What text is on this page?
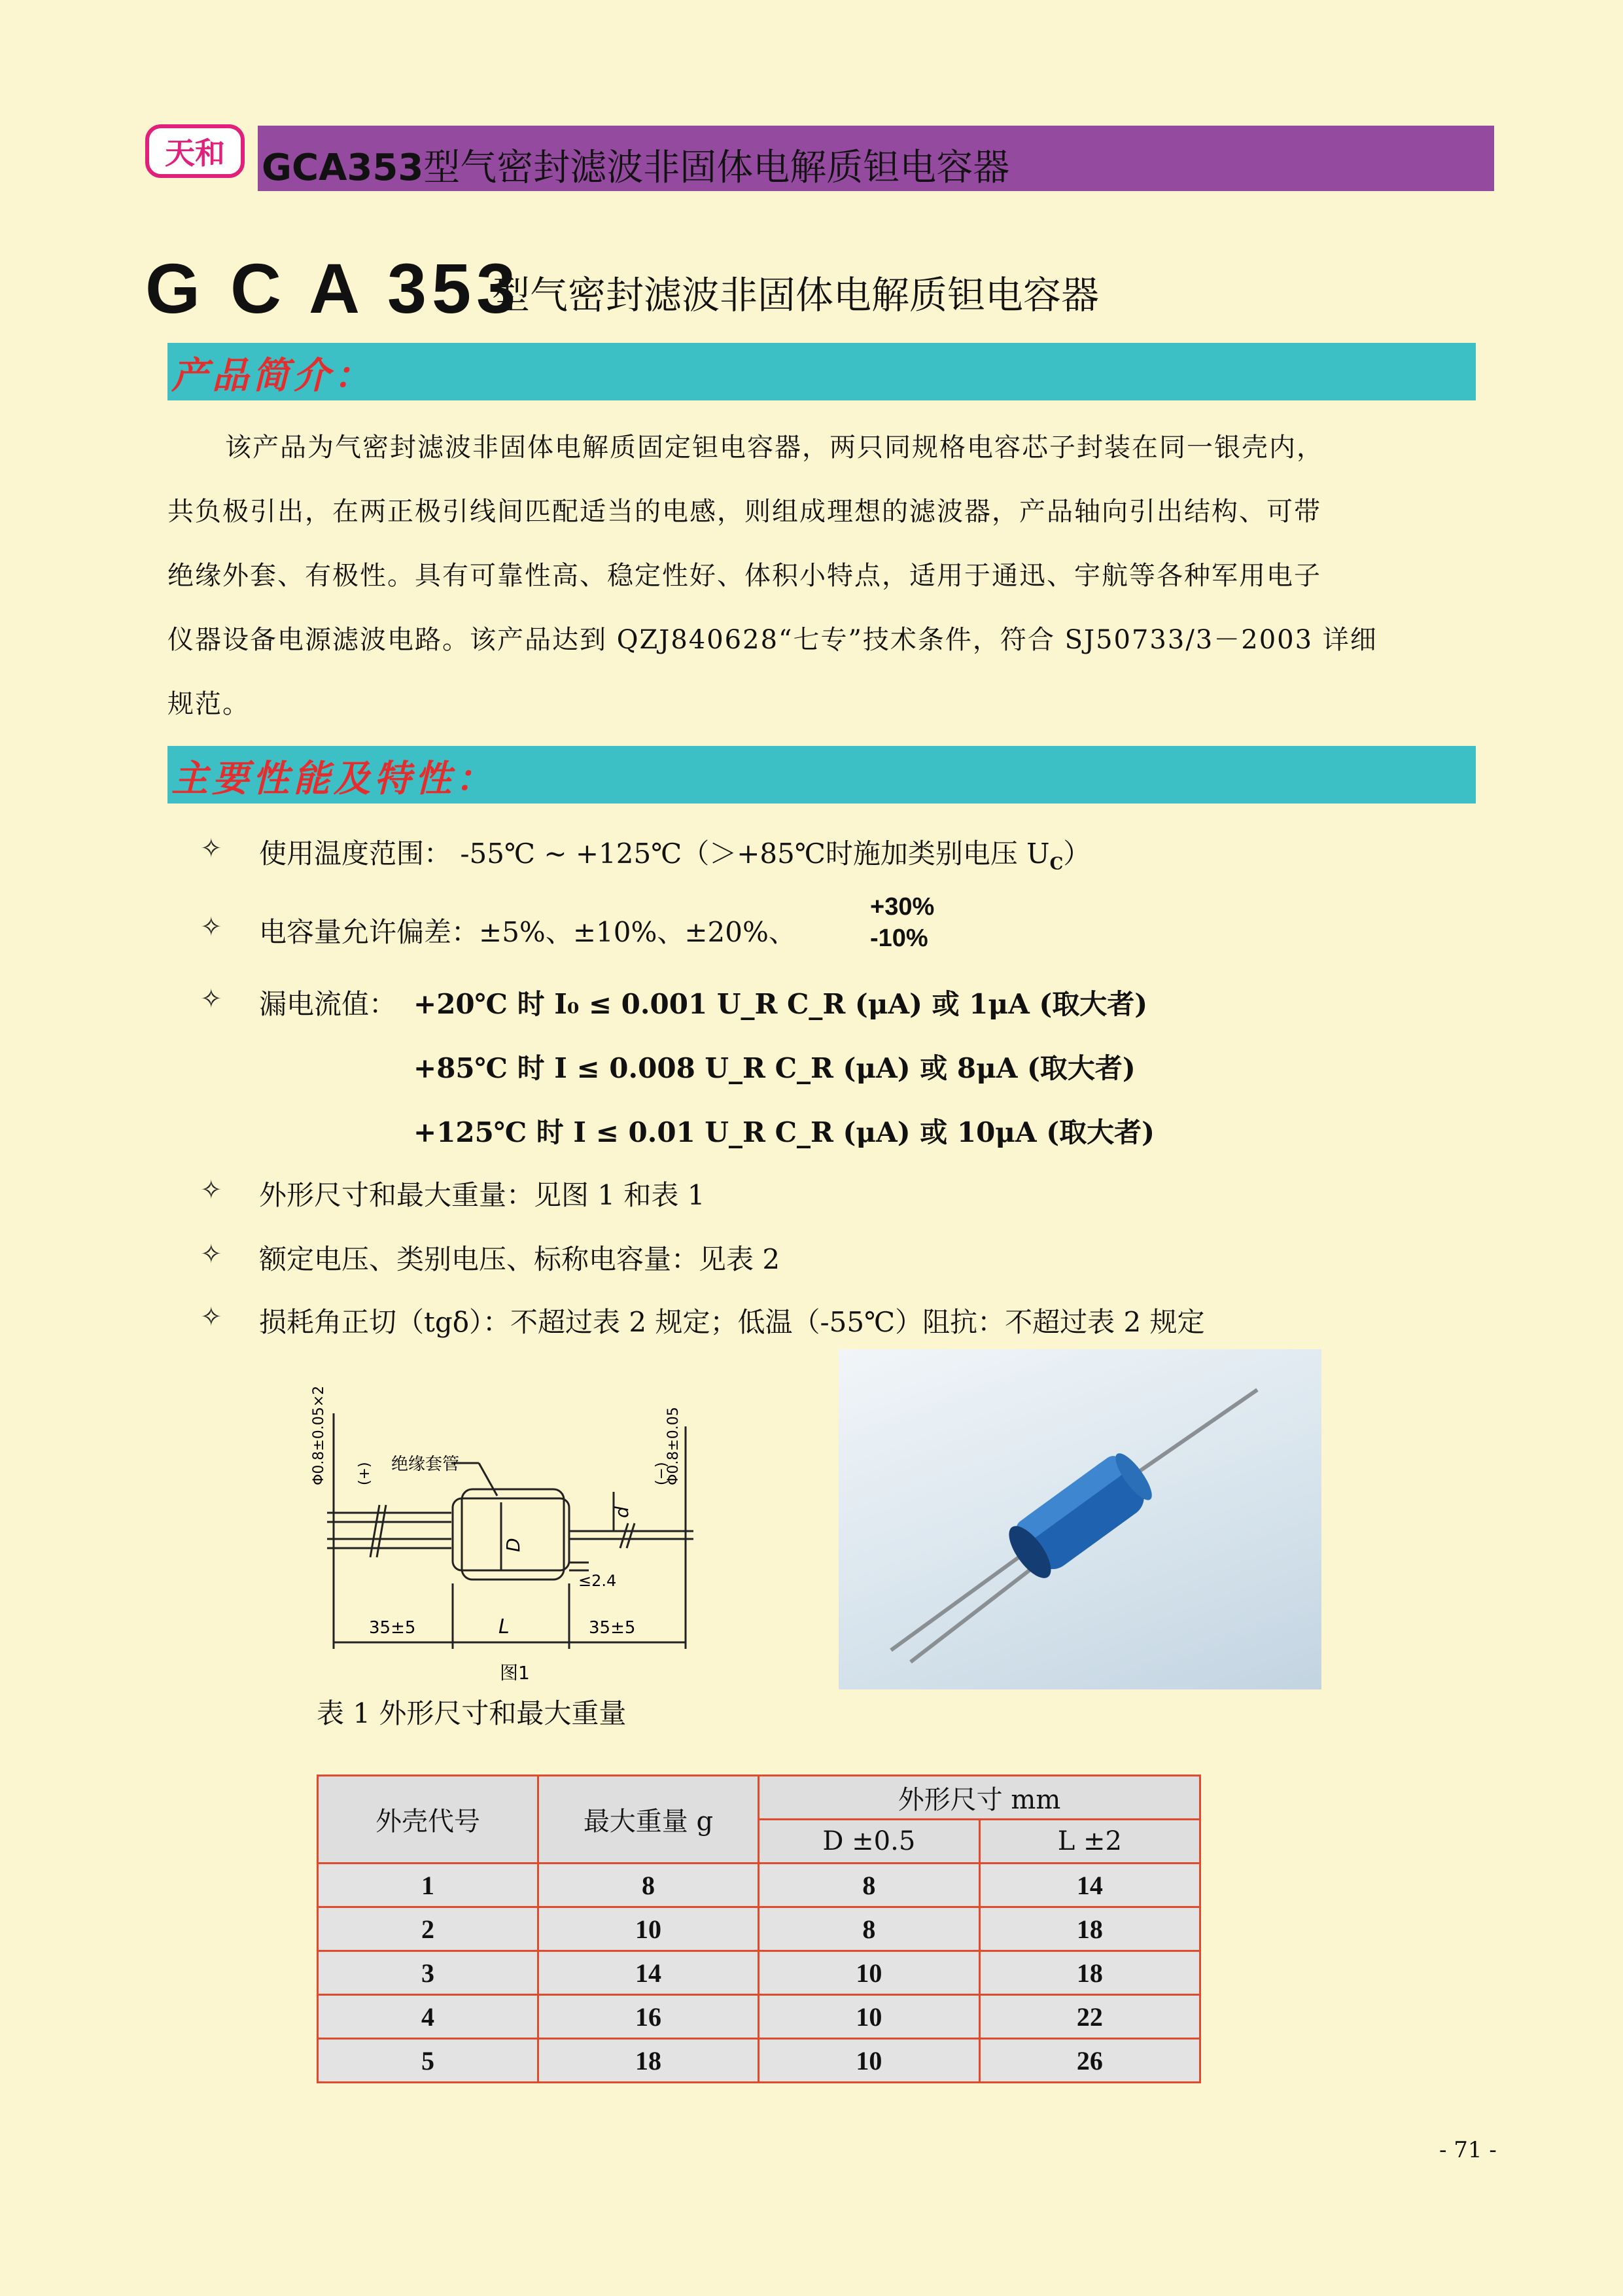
天和	GCA353型气密封滤波非固体电解质钽电容器
G C A 353
型气密封滤波非固体电解质钽电容器
产品简介：
该产品为气密封滤波非固体电解质固定钽电容器，两只同规格电容芯子封装在同一银壳内，
共负极引出，在两正极引线间匹配适当的电感，则组成理想的滤波器，产品轴向引出结构、可带
绝缘外套、有极性。具有可靠性高、稳定性好、体积小特点，适用于通迅、宇航等各种军用电子
仪器设备电源滤波电路。该产品达到 QZJ840628“七专”技术条件，符合 SJ50733/3－2003 详细
规范。
主要性能及特性：
✧ 使用温度范围： -55℃ ~ +125℃（＞+85℃时施加类别电压 $U_C$）
✧ 电容量允许偏差：±5%、±10%、±20%、
+30%
-10%
✧ 漏电流值： +20℃ 时 I₀ ≤ 0.001 U_R C_R (μA) 或 1μA (取大者)
+85℃ 时 I ≤ 0.008 U_R C_R (μA) 或 8μA (取大者)
+125℃ 时 I ≤ 0.01 U_R C_R (μA) 或 10μA (取大者)
✧ 外形尺寸和最大重量：见图 1 和表 1
✧ 额定电压、类别电压、标称电容量：见表 2
✧ 损耗角正切（tgδ）：不超过表 2 规定；低温（-55℃）阻抗：不超过表 2 规定
Φ0.8±0.05×2	Φ0.8±0.05
(+)	(−)
绝缘套管
D
d
≤2.4
35±5	L	35±5
图1
表 1 外形尺寸和最大重量
外壳代号	最大重量 g	外形尺寸 mm	
		D ±0.5	L ±2
1	8	8	14
2	10	8	18
3	14	10	18
4	16	10	22
5	18	10	26
- 71 -
